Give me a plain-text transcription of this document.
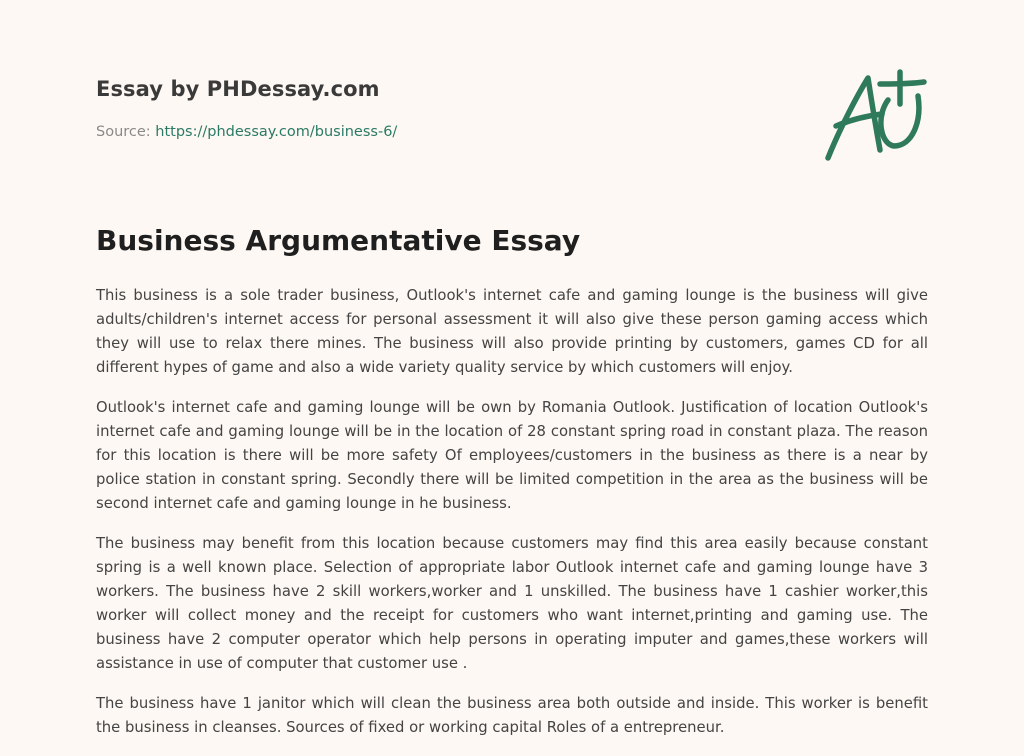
Essay by PHDessay.com

Source: https://phdessay.com/business-6/

Business Argumentative Essay

This business is a sole trader business, Outlook's internet cafe and gaming lounge is the business will give adults/children's internet access for personal assessment it will also give these person gaming access which they will use to relax there mines. The business will also provide printing by customers, games CD for all different hypes of game and also a wide variety quality service by which customers will enjoy.

Outlook's internet cafe and gaming lounge will be own by Romania Outlook. Justification of location Outlook's internet cafe and gaming lounge will be in the location of 28 constant spring road in constant plaza. The reason for this location is there will be more safety Of employees/customers in the business as there is a near by police station in constant spring. Secondly there will be limited competition in the area as the business will be second internet cafe and gaming lounge in he business.

The business may benefit from this location because customers may find this area easily because constant spring is a well known place. Selection of appropriate labor Outlook internet cafe and gaming lounge have 3 workers. The business have 2 skill workers,worker and 1 unskilled. The business have 1 cashier worker,this worker will collect money and the receipt for customers who want internet,printing and gaming use. The business have 2 computer operator which help persons in operating imputer and games,these workers will assistance in use of computer that customer use .

The business have 1 janitor which will clean the business area both outside and inside. This worker is benefit the business in cleanses. Sources of fixed or working capital Roles of a entrepreneur.
